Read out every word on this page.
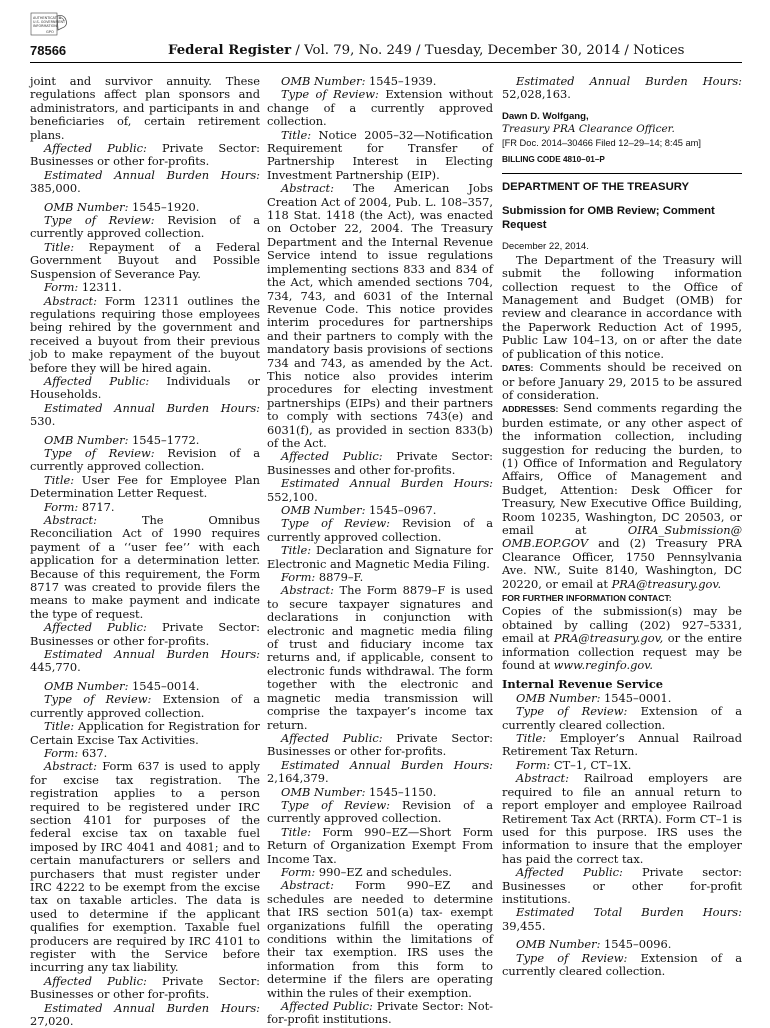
AUTHENTICATED
U.S. GOVERNMENT
INFORMATION
GPO
78566	Federal Register / Vol. 79, No. 249 / Tuesday, December 30, 2014 / Notices

joint and survivor annuity. These regulations affect plan sponsors and administrators, and participants in and beneficiaries of, certain retirement plans.

Affected Public: Private Sector: Businesses or other for-profits.

Estimated Annual Burden Hours: 385,000.

OMB Number: 1545–1920.

Type of Review: Revision of a currently approved collection.

Title: Repayment of a Federal Government Buyout and Possible Suspension of Severance Pay.

Form: 12311.

Abstract: Form 12311 outlines the regulations requiring those employees being rehired by the government and received a buyout from their previous job to make repayment of the buyout before they will be hired again.

Affected Public: Individuals or Households.

Estimated Annual Burden Hours: 530.

OMB Number: 1545–1772.

Type of Review: Revision of a currently approved collection.

Title: User Fee for Employee Plan Determination Letter Request.

Form: 8717.

Abstract: The Omnibus Reconciliation Act of 1990 requires payment of a ‘‘user fee’’ with each application for a determination letter. Because of this requirement, the Form 8717 was created to provide filers the means to make payment and indicate the type of request.

Affected Public: Private Sector: Businesses or other for-profits.

Estimated Annual Burden Hours: 445,770.

OMB Number: 1545–0014.

Type of Review: Extension of a currently approved collection.

Title: Application for Registration for Certain Excise Tax Activities.

Form: 637.

Abstract: Form 637 is used to apply for excise tax registration. The registration applies to a person required to be registered under IRC section 4101 for purposes of the federal excise tax on taxable fuel imposed by IRC 4041 and 4081; and to certain manufacturers or sellers and purchasers that must register under IRC 4222 to be exempt from the excise tax on taxable articles. The data is used to determine if the applicant qualifies for exemption. Taxable fuel producers are required by IRC 4101 to register with the Service before incurring any tax liability.

Affected Public: Private Sector: Businesses or other for-profits.

Estimated Annual Burden Hours: 27,020.

OMB Number: 1545–1939.

Type of Review: Extension without change of a currently approved collection.

Title: Notice 2005–32—Notification Requirement for Transfer of Partnership Interest in Electing Investment Partnership (EIP).

Abstract: The American Jobs Creation Act of 2004, Pub. L. 108–357, 118 Stat. 1418 (the Act), was enacted on October 22, 2004. The Treasury Department and the Internal Revenue Service intend to issue regulations implementing sections 833 and 834 of the Act, which amended sections 704, 734, 743, and 6031 of the Internal Revenue Code. This notice provides interim procedures for partnerships and their partners to comply with the mandatory basis provisions of sections 734 and 743, as amended by the Act. This notice also provides interim procedures for electing investment partnerships (EIPs) and their partners to comply with sections 743(e) and 6031(f), as provided in section 833(b) of the Act.

Affected Public: Private Sector: Businesses and other for-profits.

Estimated Annual Burden Hours: 552,100.

OMB Number: 1545–0967.

Type of Review: Revision of a currently approved collection.

Title: Declaration and Signature for Electronic and Magnetic Media Filing.

Form: 8879–F.

Abstract: The Form 8879–F is used to secure taxpayer signatures and declarations in conjunction with electronic and magnetic media filing of trust and fiduciary income tax returns and, if applicable, consent to electronic funds withdrawal. The form together with the electronic and magnetic media transmission will comprise the taxpayer’s income tax return.

Affected Public: Private Sector: Businesses or other for-profits.

Estimated Annual Burden Hours: 2,164,379.

OMB Number: 1545–1150.

Type of Review: Revision of a currently approved collection.

Title: Form 990–EZ—Short Form Return of Organization Exempt From Income Tax.

Form: 990–EZ and schedules.

Abstract: Form 990–EZ and schedules are needed to determine that IRS section 501(a) tax- exempt organizations fulfill the operating conditions within the limitations of their tax exemption. IRS uses the information from this form to determine if the filers are operating within the rules of their exemption.

Affected Public: Private Sector: Not-for-profit institutions.

Estimated Annual Burden Hours: 52,028,163.

Dawn D. Wolfgang,

Treasury PRA Clearance Officer.

[FR Doc. 2014–30466 Filed 12–29–14; 8:45 am]

BILLING CODE 4810–01–P

DEPARTMENT OF THE TREASURY

Submission for OMB Review; Comment Request

December 22, 2014.

The Department of the Treasury will submit the following information collection request to the Office of Management and Budget (OMB) for review and clearance in accordance with the Paperwork Reduction Act of 1995, Public Law 104–13, on or after the date of publication of this notice.

DATES: Comments should be received on or before January 29, 2015 to be assured of consideration.

ADDRESSES: Send comments regarding the burden estimate, or any other aspect of the information collection, including suggestion for reducing the burden, to (1) Office of Information and Regulatory Affairs, Office of Management and Budget, Attention: Desk Officer for Treasury, New Executive Office Building, Room 10235, Washington, DC 20503, or email at OIRA_Submission@ OMB.EOP.GOV and (2) Treasury PRA Clearance Officer, 1750 Pennsylvania Ave. NW., Suite 8140, Washington, DC 20220, or email at PRA@treasury.gov.

FOR FURTHER INFORMATION CONTACT:

Copies of the submission(s) may be obtained by calling (202) 927–5331, email at PRA@treasury.gov, or the entire information collection request may be found at www.reginfo.gov.

Internal Revenue Service

OMB Number: 1545–0001.

Type of Review: Extension of a currently cleared collection.

Title: Employer’s Annual Railroad Retirement Tax Return.

Form: CT–1, CT–1X.

Abstract: Railroad employers are required to file an annual return to report employer and employee Railroad Retirement Tax Act (RRTA). Form CT–1 is used for this purpose. IRS uses the information to insure that the employer has paid the correct tax.

Affected Public: Private sector: Businesses or other for-profit institutions.

Estimated Total Burden Hours: 39,455.

OMB Number: 1545–0096.

Type of Review: Extension of a currently cleared collection.
